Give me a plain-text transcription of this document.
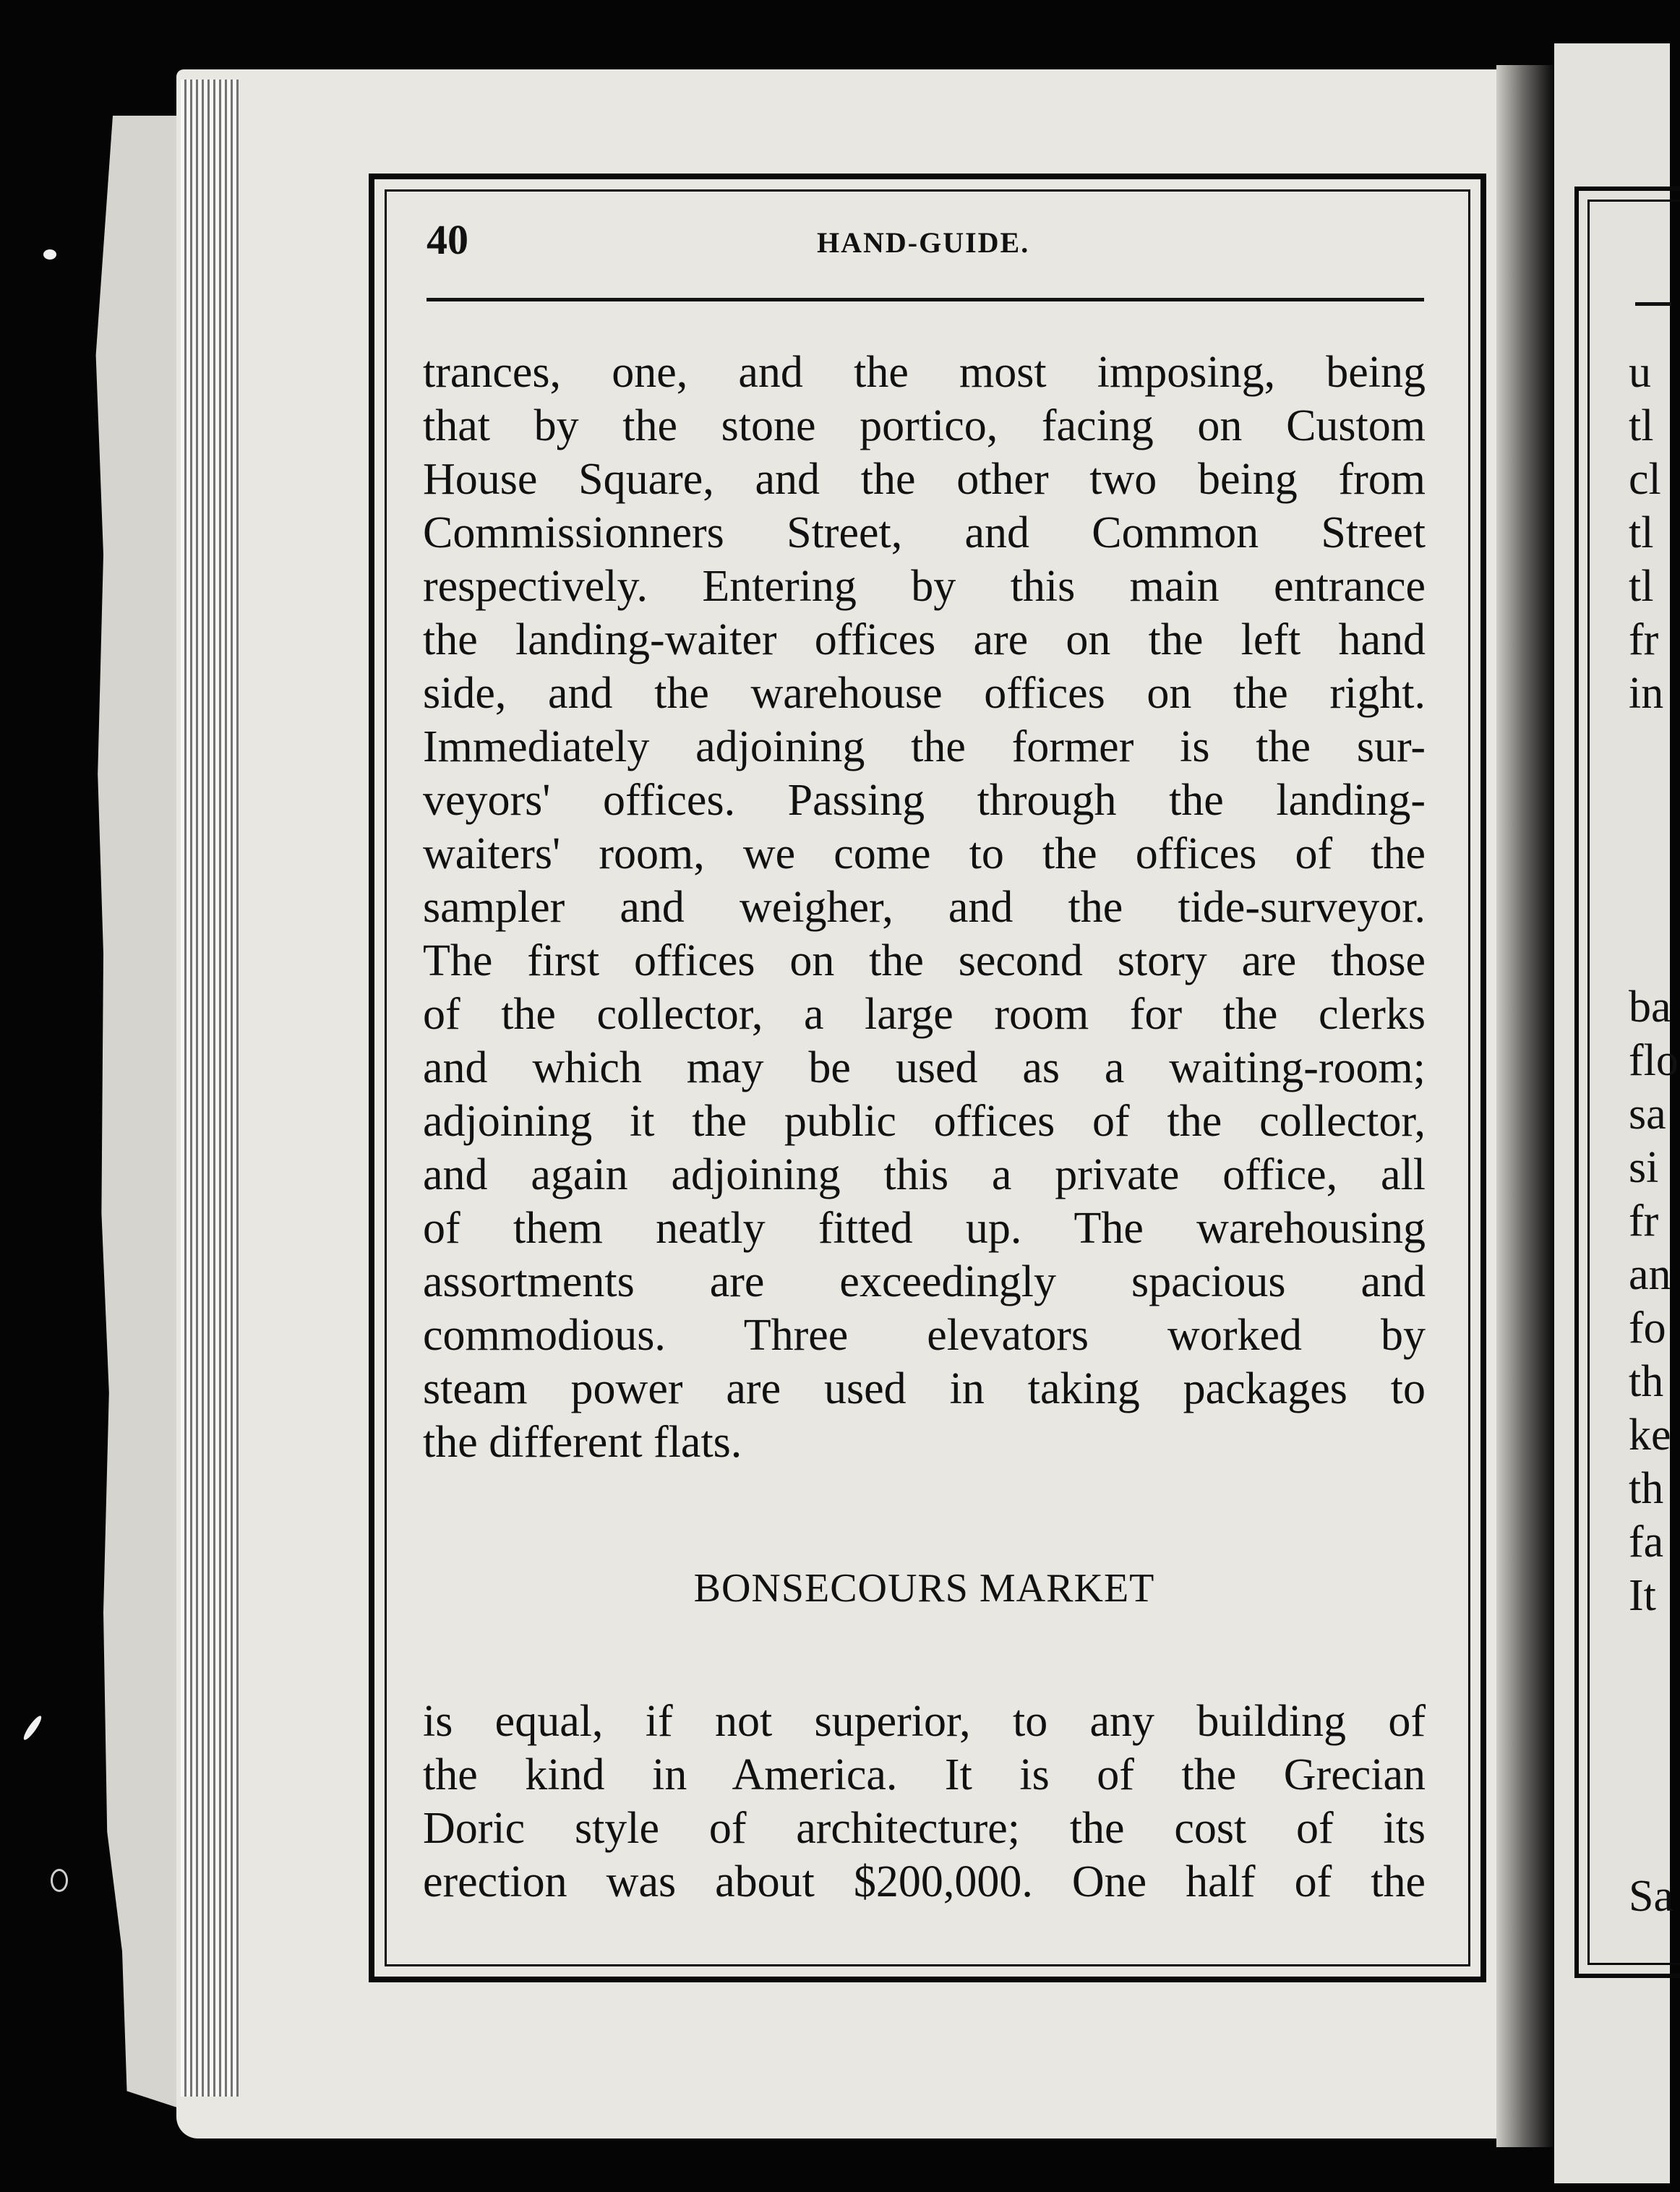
40	HAND-GUIDE.
trances, one, and the most imposing, being
that by the stone portico, facing on Custom
House Square, and the other two being from
Commissionners Street, and Common Street
respectively. Entering by this main entrance
the landing-waiter offices are on the left hand
side, and the warehouse offices on the right.
Immediately adjoining the former is the sur-
veyors' offices. Passing through the landing-
waiters' room, we come to the offices of the
sampler and weigher, and the tide-surveyor.
The first offices on the second story are those
of the collector, a large room for the clerks
and which may be used as a waiting-room;
adjoining it the public offices of the collector,
and again adjoining this a private office, all
of them neatly fitted up. The warehousing
assortments are exceedingly spacious and
commodious. Three elevators worked by
steam power are used in taking packages to
the different flats.
BONSECOURS MARKET
is equal, if not superior, to any building of
the kind in America. It is of the Grecian
Doric style of architecture; the cost of its
erection was about $200,000. One half of the
u
tl
cl
tl
tl
fr
in
ba
flo
sa
si
fr
an
fo
th
ke
th
fa
It
Sa
